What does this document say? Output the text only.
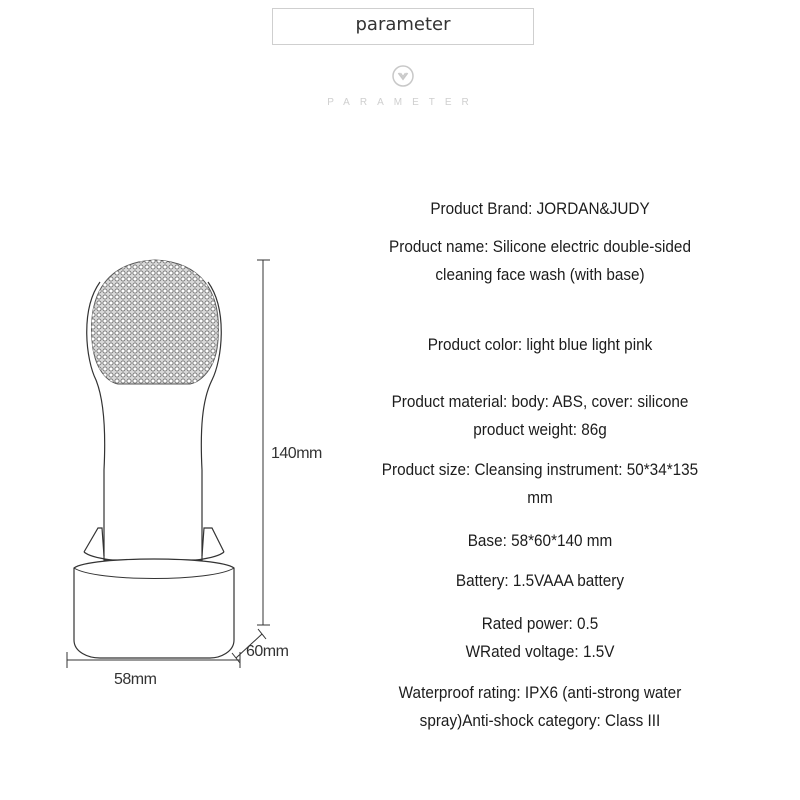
parameter
PARAMETER
140mm
60mm
58mm
Product Brand: JORDAN&JUDY
Product name: Silicone electric double-sided
cleaning face wash (with base)
Product color: light blue light pink
Product material: body: ABS, cover: silicone
product weight: 86g
Product size: Cleansing instrument: 50*34*135
mm
Base: 58*60*140 mm
Battery: 1.5VAAA battery
Rated power: 0.5
WRated voltage: 1.5V
Waterproof rating: IPX6 (anti-strong water
spray)Anti-shock category: Class III
